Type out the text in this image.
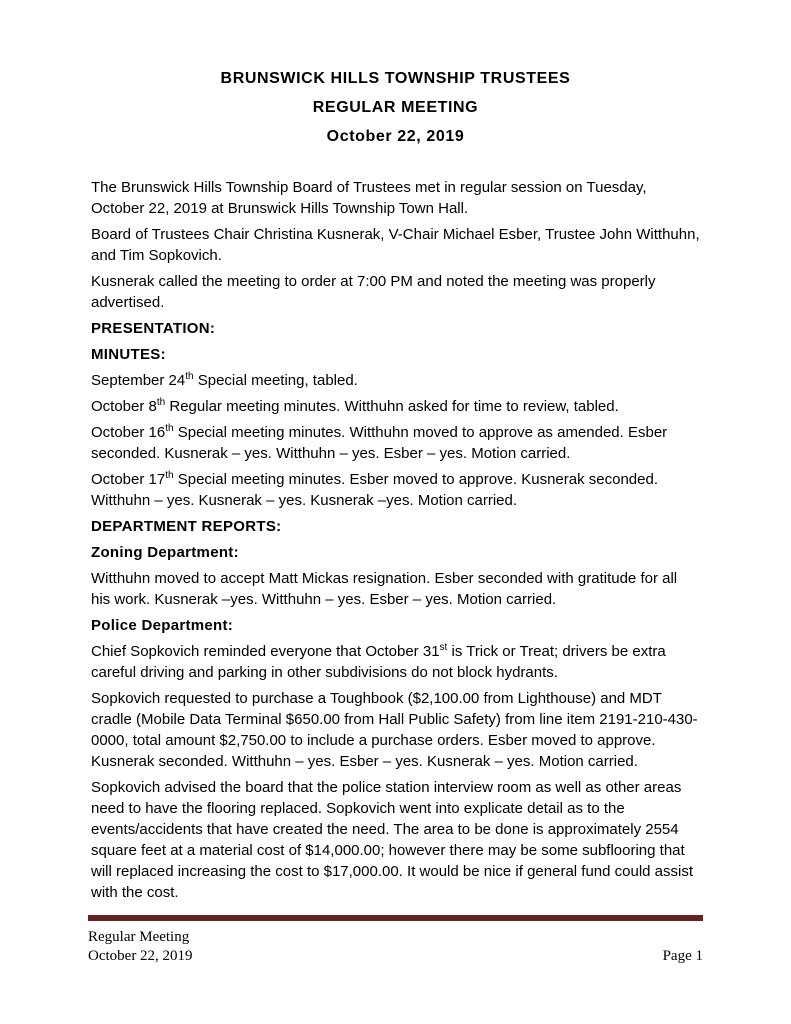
BRUNSWICK HILLS TOWNSHIP TRUSTEES
REGULAR MEETING
October 22, 2019

The Brunswick Hills Township Board of Trustees met in regular session on Tuesday, October 22, 2019 at Brunswick Hills Township Town Hall.

Board of Trustees Chair Christina Kusnerak, V-Chair Michael Esber, Trustee John Witthuhn, and Tim Sopkovich.

Kusnerak called the meeting to order at 7:00 PM and noted the meeting was properly advertised.

PRESENTATION:

MINUTES:

September 24th Special meeting, tabled.

October 8th Regular meeting minutes. Witthuhn asked for time to review, tabled.

October 16th Special meeting minutes. Witthuhn moved to approve as amended. Esber seconded. Kusnerak – yes. Witthuhn – yes. Esber – yes. Motion carried.

October 17th Special meeting minutes. Esber moved to approve. Kusnerak seconded. Witthuhn – yes. Kusnerak – yes. Kusnerak –yes. Motion carried.

DEPARTMENT REPORTS:

Zoning Department:

Witthuhn moved to accept Matt Mickas resignation. Esber seconded with gratitude for all his work. Kusnerak –yes. Witthuhn – yes. Esber – yes. Motion carried.

Police Department:

Chief Sopkovich reminded everyone that October 31st is Trick or Treat; drivers be extra careful driving and parking in other subdivisions do not block hydrants.

Sopkovich requested to purchase a Toughbook ($2,100.00 from Lighthouse) and MDT cradle (Mobile Data Terminal $650.00 from Hall Public Safety) from line item 2191-210-430-0000, total amount $2,750.00 to include a purchase orders. Esber moved to approve. Kusnerak seconded. Witthuhn – yes. Esber – yes. Kusnerak – yes. Motion carried.

Sopkovich advised the board that the police station interview room as well as other areas need to have the flooring replaced. Sopkovich went into explicate detail as to the events/accidents that have created the need. The area to be done is approximately 2554 square feet at a material cost of $14,000.00; however there may be some subflooring that will replaced increasing the cost to $17,000.00. It would be nice if general fund could assist with the cost.

Regular Meeting
October 22, 2019	Page 1
